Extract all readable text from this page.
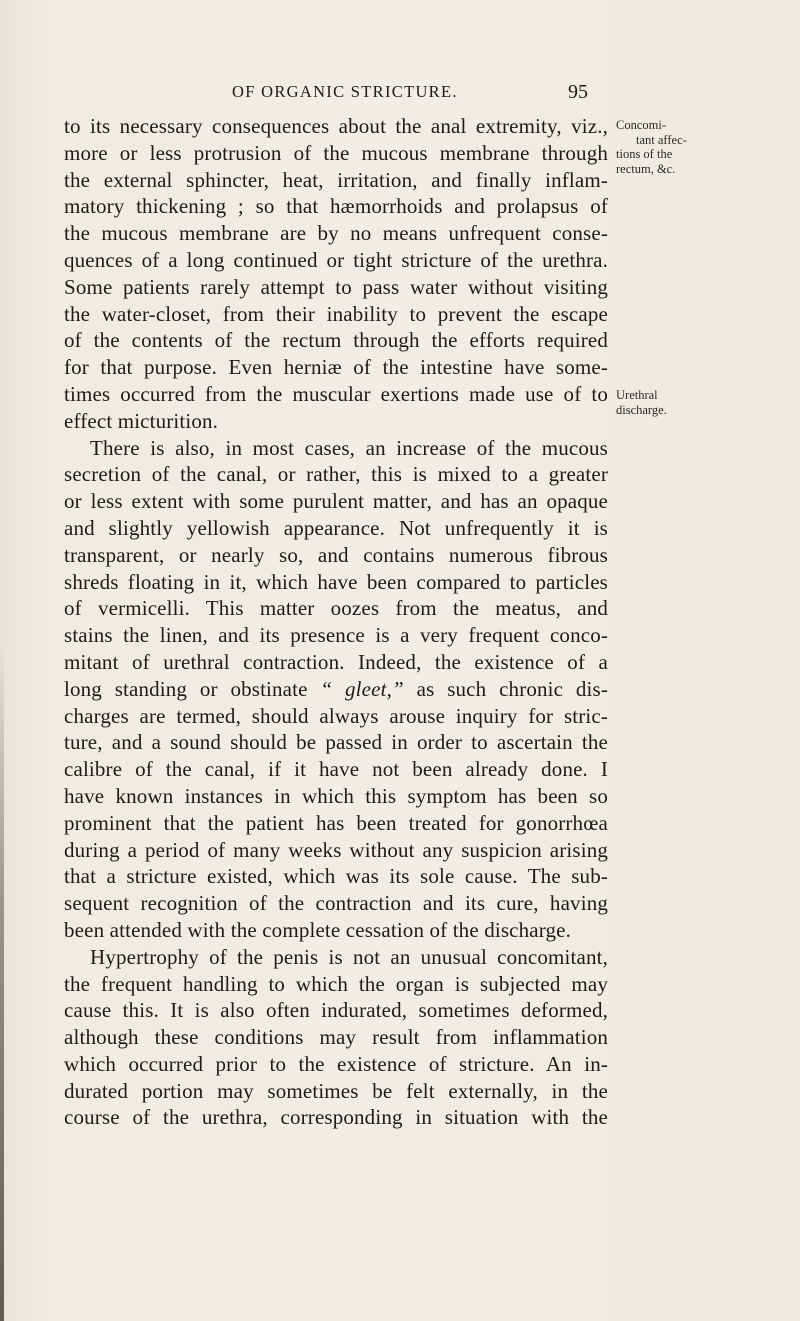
OF ORGANIC STRICTURE.	95
Concomi-
tant affec-
tions of the
rectum, &c.
Urethral
discharge.
to its necessary consequences about the anal extremity, viz.,
more or less protrusion of the mucous membrane through
the external sphincter, heat, irritation, and finally inflam-
matory thickening ; so that hæmorrhoids and prolapsus of
the mucous membrane are by no means unfrequent conse-
quences of a long continued or tight stricture of the urethra.
Some patients rarely attempt to pass water without visiting
the water-closet, from their inability to prevent the escape
of the contents of the rectum through the efforts required
for that purpose. Even herniæ of the intestine have some-
times occurred from the muscular exertions made use of to
effect micturition.
There is also, in most cases, an increase of the mucous
secretion of the canal, or rather, this is mixed to a greater
or less extent with some purulent matter, and has an opaque
and slightly yellowish appearance. Not unfrequently it is
transparent, or nearly so, and contains numerous fibrous
shreds floating in it, which have been compared to particles
of vermicelli. This matter oozes from the meatus, and
stains the linen, and its presence is a very frequent conco-
mitant of urethral contraction. Indeed, the existence of a
long standing or obstinate “ gleet,” as such chronic dis-
charges are termed, should always arouse inquiry for stric-
ture, and a sound should be passed in order to ascertain the
calibre of the canal, if it have not been already done. I
have known instances in which this symptom has been so
prominent that the patient has been treated for gonorrhœa
during a period of many weeks without any suspicion arising
that a stricture existed, which was its sole cause. The sub-
sequent recognition of the contraction and its cure, having
been attended with the complete cessation of the discharge.
Hypertrophy of the penis is not an unusual concomitant,
the frequent handling to which the organ is subjected may
cause this. It is also often indurated, sometimes deformed,
although these conditions may result from inflammation
which occurred prior to the existence of stricture. An in-
durated portion may sometimes be felt externally, in the
course of the urethra, corresponding in situation with the
